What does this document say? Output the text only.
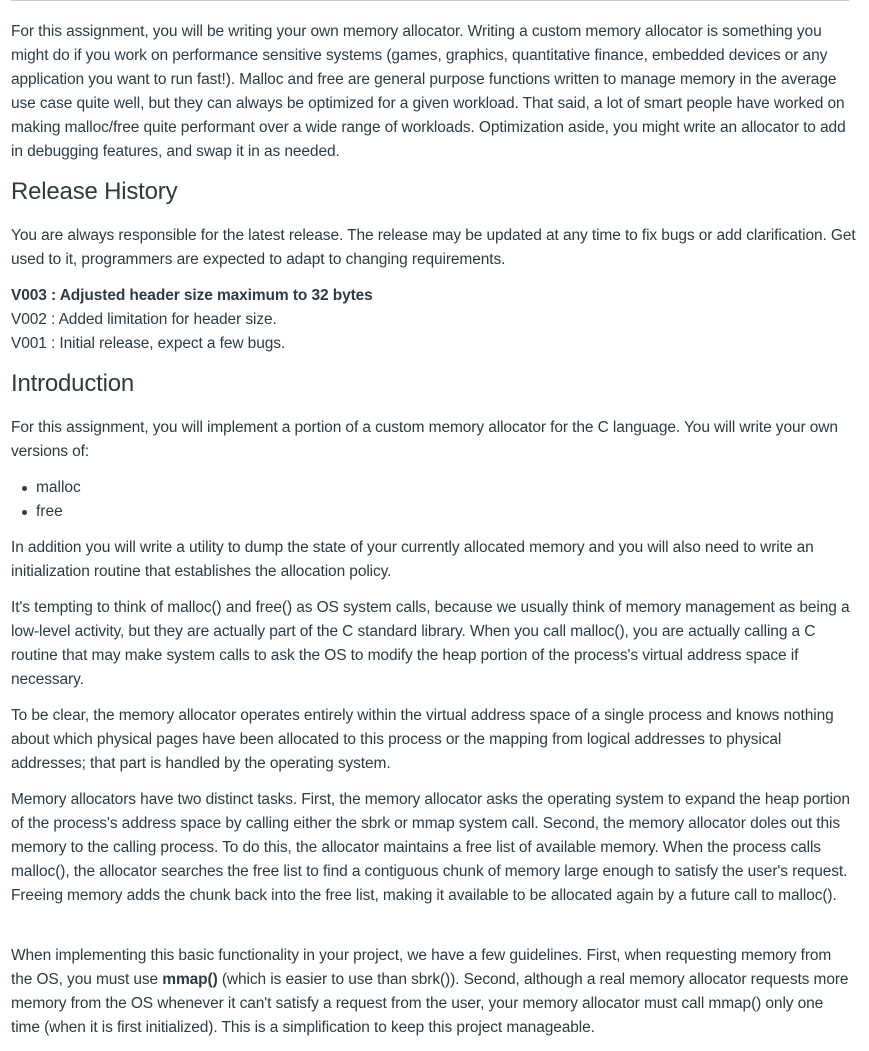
For this assignment, you will be writing your own memory allocator. Writing a custom memory allocator is something you might do if you work on performance sensitive systems (games, graphics, quantitative finance, embedded devices or any application you want to run fast!). Malloc and free are general purpose functions written to manage memory in the average use case quite well, but they can always be optimized for a given workload. That said, a lot of smart people have worked on making malloc/free quite performant over a wide range of workloads. Optimization aside, you might write an allocator to add in debugging features, and swap it in as needed.

Release History

You are always responsible for the latest release. The release may be updated at any time to fix bugs or add clarification. Get used to it, programmers are expected to adapt to changing requirements.

V003 : Adjusted header size maximum to 32 bytes

V002 : Added limitation for header size.

V001 : Initial release, expect a few bugs.

Introduction

For this assignment, you will implement a portion of a custom memory allocator for the C language. You will write your own versions of:

malloc
free

In addition you will write a utility to dump the state of your currently allocated memory and you will also need to write an initialization routine that establishes the allocation policy.

It's tempting to think of malloc() and free() as OS system calls, because we usually think of memory management as being a low-level activity, but they are actually part of the C standard library. When you call malloc(), you are actually calling a C routine that may make system calls to ask the OS to modify the heap portion of the process's virtual address space if necessary.

To be clear, the memory allocator operates entirely within the virtual address space of a single process and knows nothing about which physical pages have been allocated to this process or the mapping from logical addresses to physical addresses; that part is handled by the operating system.

Memory allocators have two distinct tasks. First, the memory allocator asks the operating system to expand the heap portion of the process's address space by calling either the sbrk or mmap system call. Second, the memory allocator doles out this memory to the calling process. To do this, the allocator maintains a free list of available memory. When the process calls malloc(), the allocator searches the free list to find a contiguous chunk of memory large enough to satisfy the user's request. Freeing memory adds the chunk back into the free list, making it available to be allocated again by a future call to malloc().

When implementing this basic functionality in your project, we have a few guidelines. First, when requesting memory from the OS, you must use mmap() (which is easier to use than sbrk()). Second, although a real memory allocator requests more memory from the OS whenever it can't satisfy a request from the user, your memory allocator must call mmap() only one time (when it is first initialized). This is a simplification to keep this project manageable.
